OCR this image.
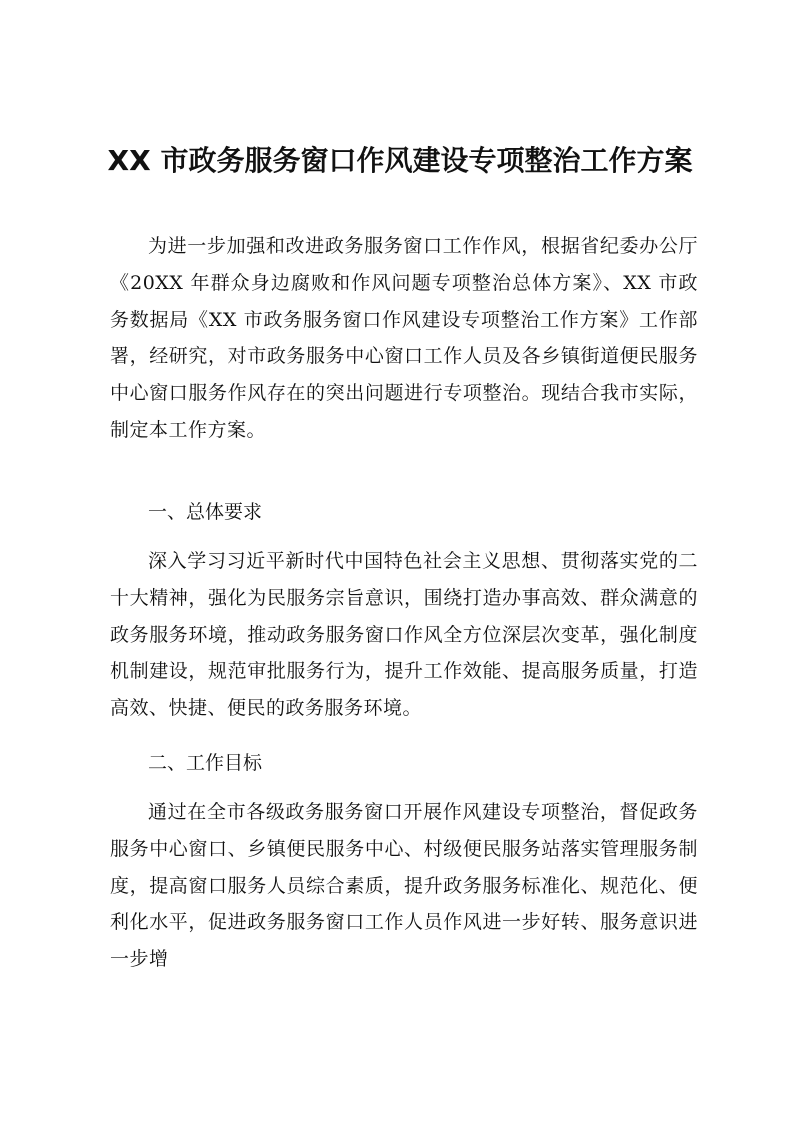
XX 市政务服务窗口作风建设专项整治工作方案

为进一步加强和改进政务服务窗口工作作风，根据省纪委办公厅《20XX 年群众身边腐败和作风问题专项整治总体方案》、XX 市政务数据局《XX 市政务服务窗口作风建设专项整治工作方案》工作部署，经研究，对市政务服务中心窗口工作人员及各乡镇街道便民服务中心窗口服务作风存在的突出问题进行专项整治。现结合我市实际，制定本工作方案。

一、总体要求

深入学习习近平新时代中国特色社会主义思想、贯彻落实党的二十大精神，强化为民服务宗旨意识，围绕打造办事高效、群众满意的政务服务环境，推动政务服务窗口作风全方位深层次变革，强化制度机制建设，规范审批服务行为，提升工作效能、提高服务质量，打造高效、快捷、便民的政务服务环境。

二、工作目标

通过在全市各级政务服务窗口开展作风建设专项整治，督促政务服务中心窗口、乡镇便民服务中心、村级便民服务站落实管理服务制度，提高窗口服务人员综合素质，提升政务服务标准化、规范化、便利化水平，促进政务服务窗口工作人员作风进一步好转、服务意识进一步增
